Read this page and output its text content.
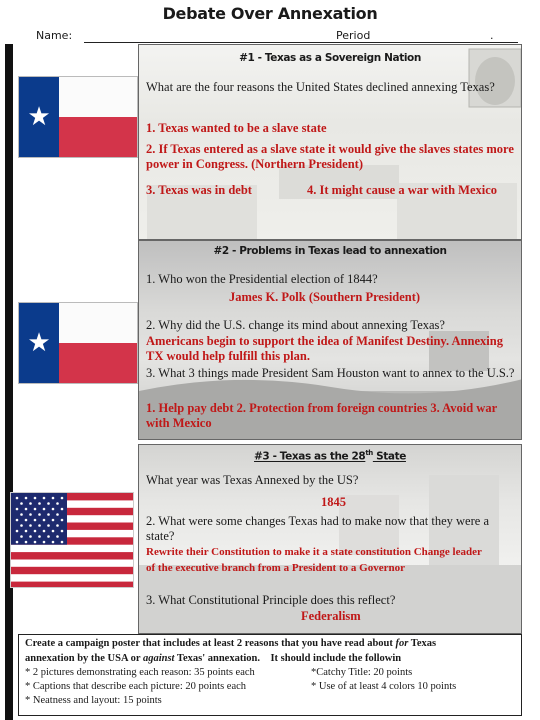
Debate Over Annexation
Name:	Period	.
★
★
#1 - Texas as a Sovereign Nation
What are the four reasons the United States declined annexing Texas?
1. Texas wanted to be a slave state
2. If Texas entered as a slave state it would give the slaves states more power in Congress. (Northern President)
3. Texas was in debt	4. It might cause a war with Mexico
#2 - Problems in Texas lead to annexation
1. Who won the Presidential election of 1844?
James K. Polk (Southern President)
2. Why did the U.S. change its mind about annexing Texas?
Americans begin to support the idea of Manifest Destiny. Annexing TX would help fulfill this plan.
3. What 3 things made President Sam Houston want to annex to the U.S.?
1. Help pay debt 2. Protection from foreign countries 3. Avoid war with Mexico
#3 - Texas as the 28th State
What year was Texas Annexed by the US?
1845
2. What were some changes Texas had to make now that they were a state?
Rewrite their Constitution to make it a state constitution Change leader of the executive branch from a President to a Governor
3. What Constitutional Principle does this reflect?
Federalism
Create a campaign poster that includes at least 2 reasons that you have read about for Texas
annexation by the USA or against Texas' annexation. It should include the followin
* 2 pictures demonstrating each reason: 35 points each
* Captions that describe each picture: 20 points each
* Neatness and layout: 15 points
*Catchy Title: 20 points
* Use of at least 4 colors 10 points
